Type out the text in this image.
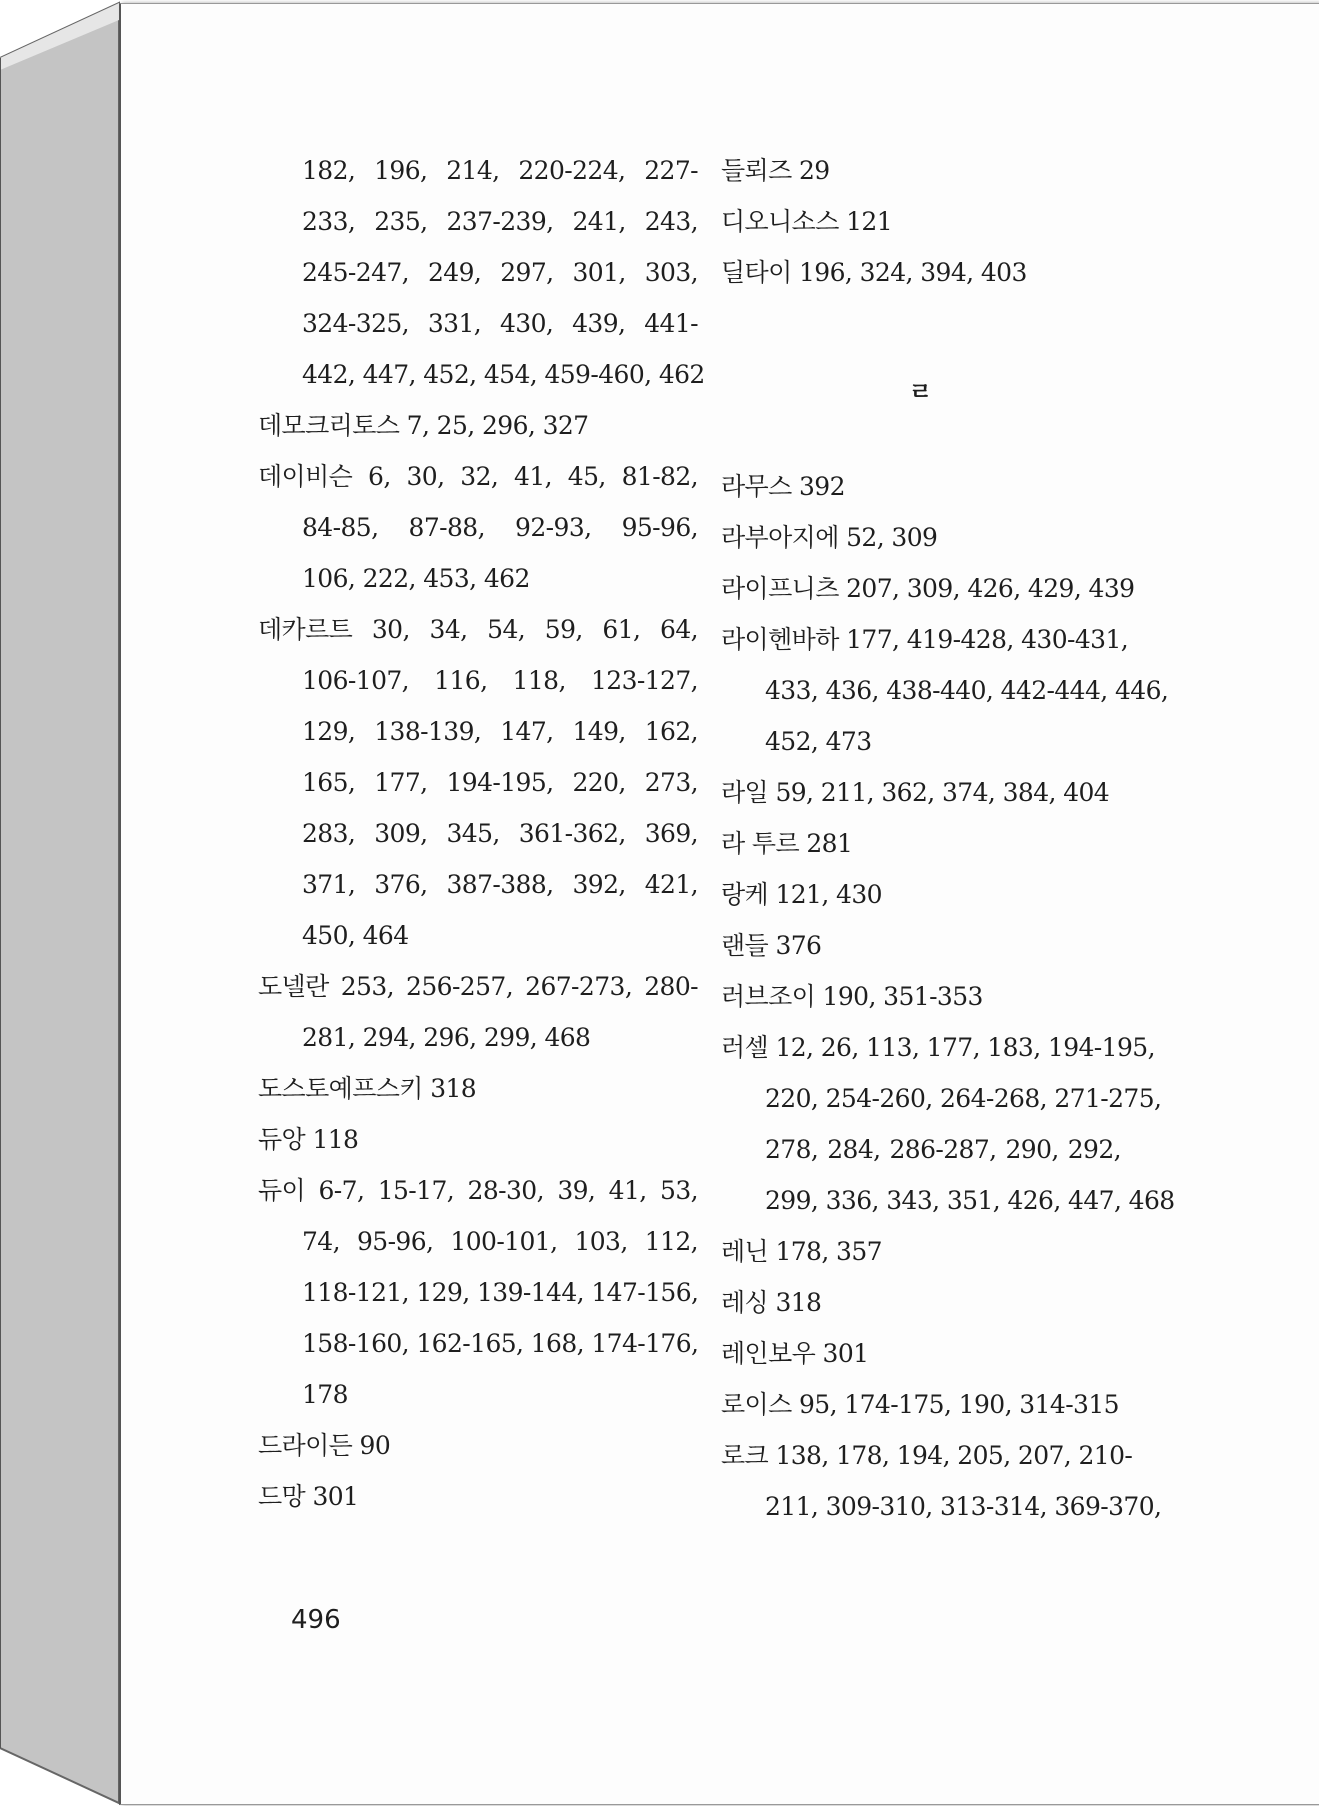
182, 196, 214, 220-224, 227-
233, 235, 237-239, 241, 243,
245-247, 249, 297, 301, 303,
324-325, 331, 430, 439, 441-
442, 447, 452, 454, 459-460, 462
데모크리토스 7, 25, 296, 327
데이비슨 6, 30, 32, 41, 45, 81-82,
84-85, 87-88, 92-93, 95-96,
106, 222, 453, 462
데카르트 30, 34, 54, 59, 61, 64,
106-107, 116, 118, 123-127,
129, 138-139, 147, 149, 162,
165, 177, 194-195, 220, 273,
283, 309, 345, 361-362, 369,
371, 376, 387-388, 392, 421,
450, 464
도넬란 253, 256-257, 267-273, 280-
281, 294, 296, 299, 468
도스토예프스키 318
듀앙 118
듀이 6-7, 15-17, 28-30, 39, 41, 53,
74, 95-96, 100-101, 103, 112,
118-121, 129, 139-144, 147-156,
158-160, 162-165, 168, 174-176,
178
드라이든 90
드망 301
들뢰즈 29
디오니소스 121
딜타이 196, 324, 394, 403
ㄹ
라무스 392
라부아지에 52, 309
라이프니츠 207, 309, 426, 429, 439
라이헨바하 177, 419-428, 430-431,
433, 436, 438-440, 442-444, 446,
452, 473
라일 59, 211, 362, 374, 384, 404
라 투르 281
랑케 121, 430
랜들 376
러브조이 190, 351-353
러셀 12, 26, 113, 177, 183, 194-195,
220, 254-260, 264-268, 271-275,
278, 284, 286-287, 290, 292,
299, 336, 343, 351, 426, 447, 468
레닌 178, 357
레싱 318
레인보우 301
로이스 95, 174-175, 190, 314-315
로크 138, 178, 194, 205, 207, 210-
211, 309-310, 313-314, 369-370,
496
